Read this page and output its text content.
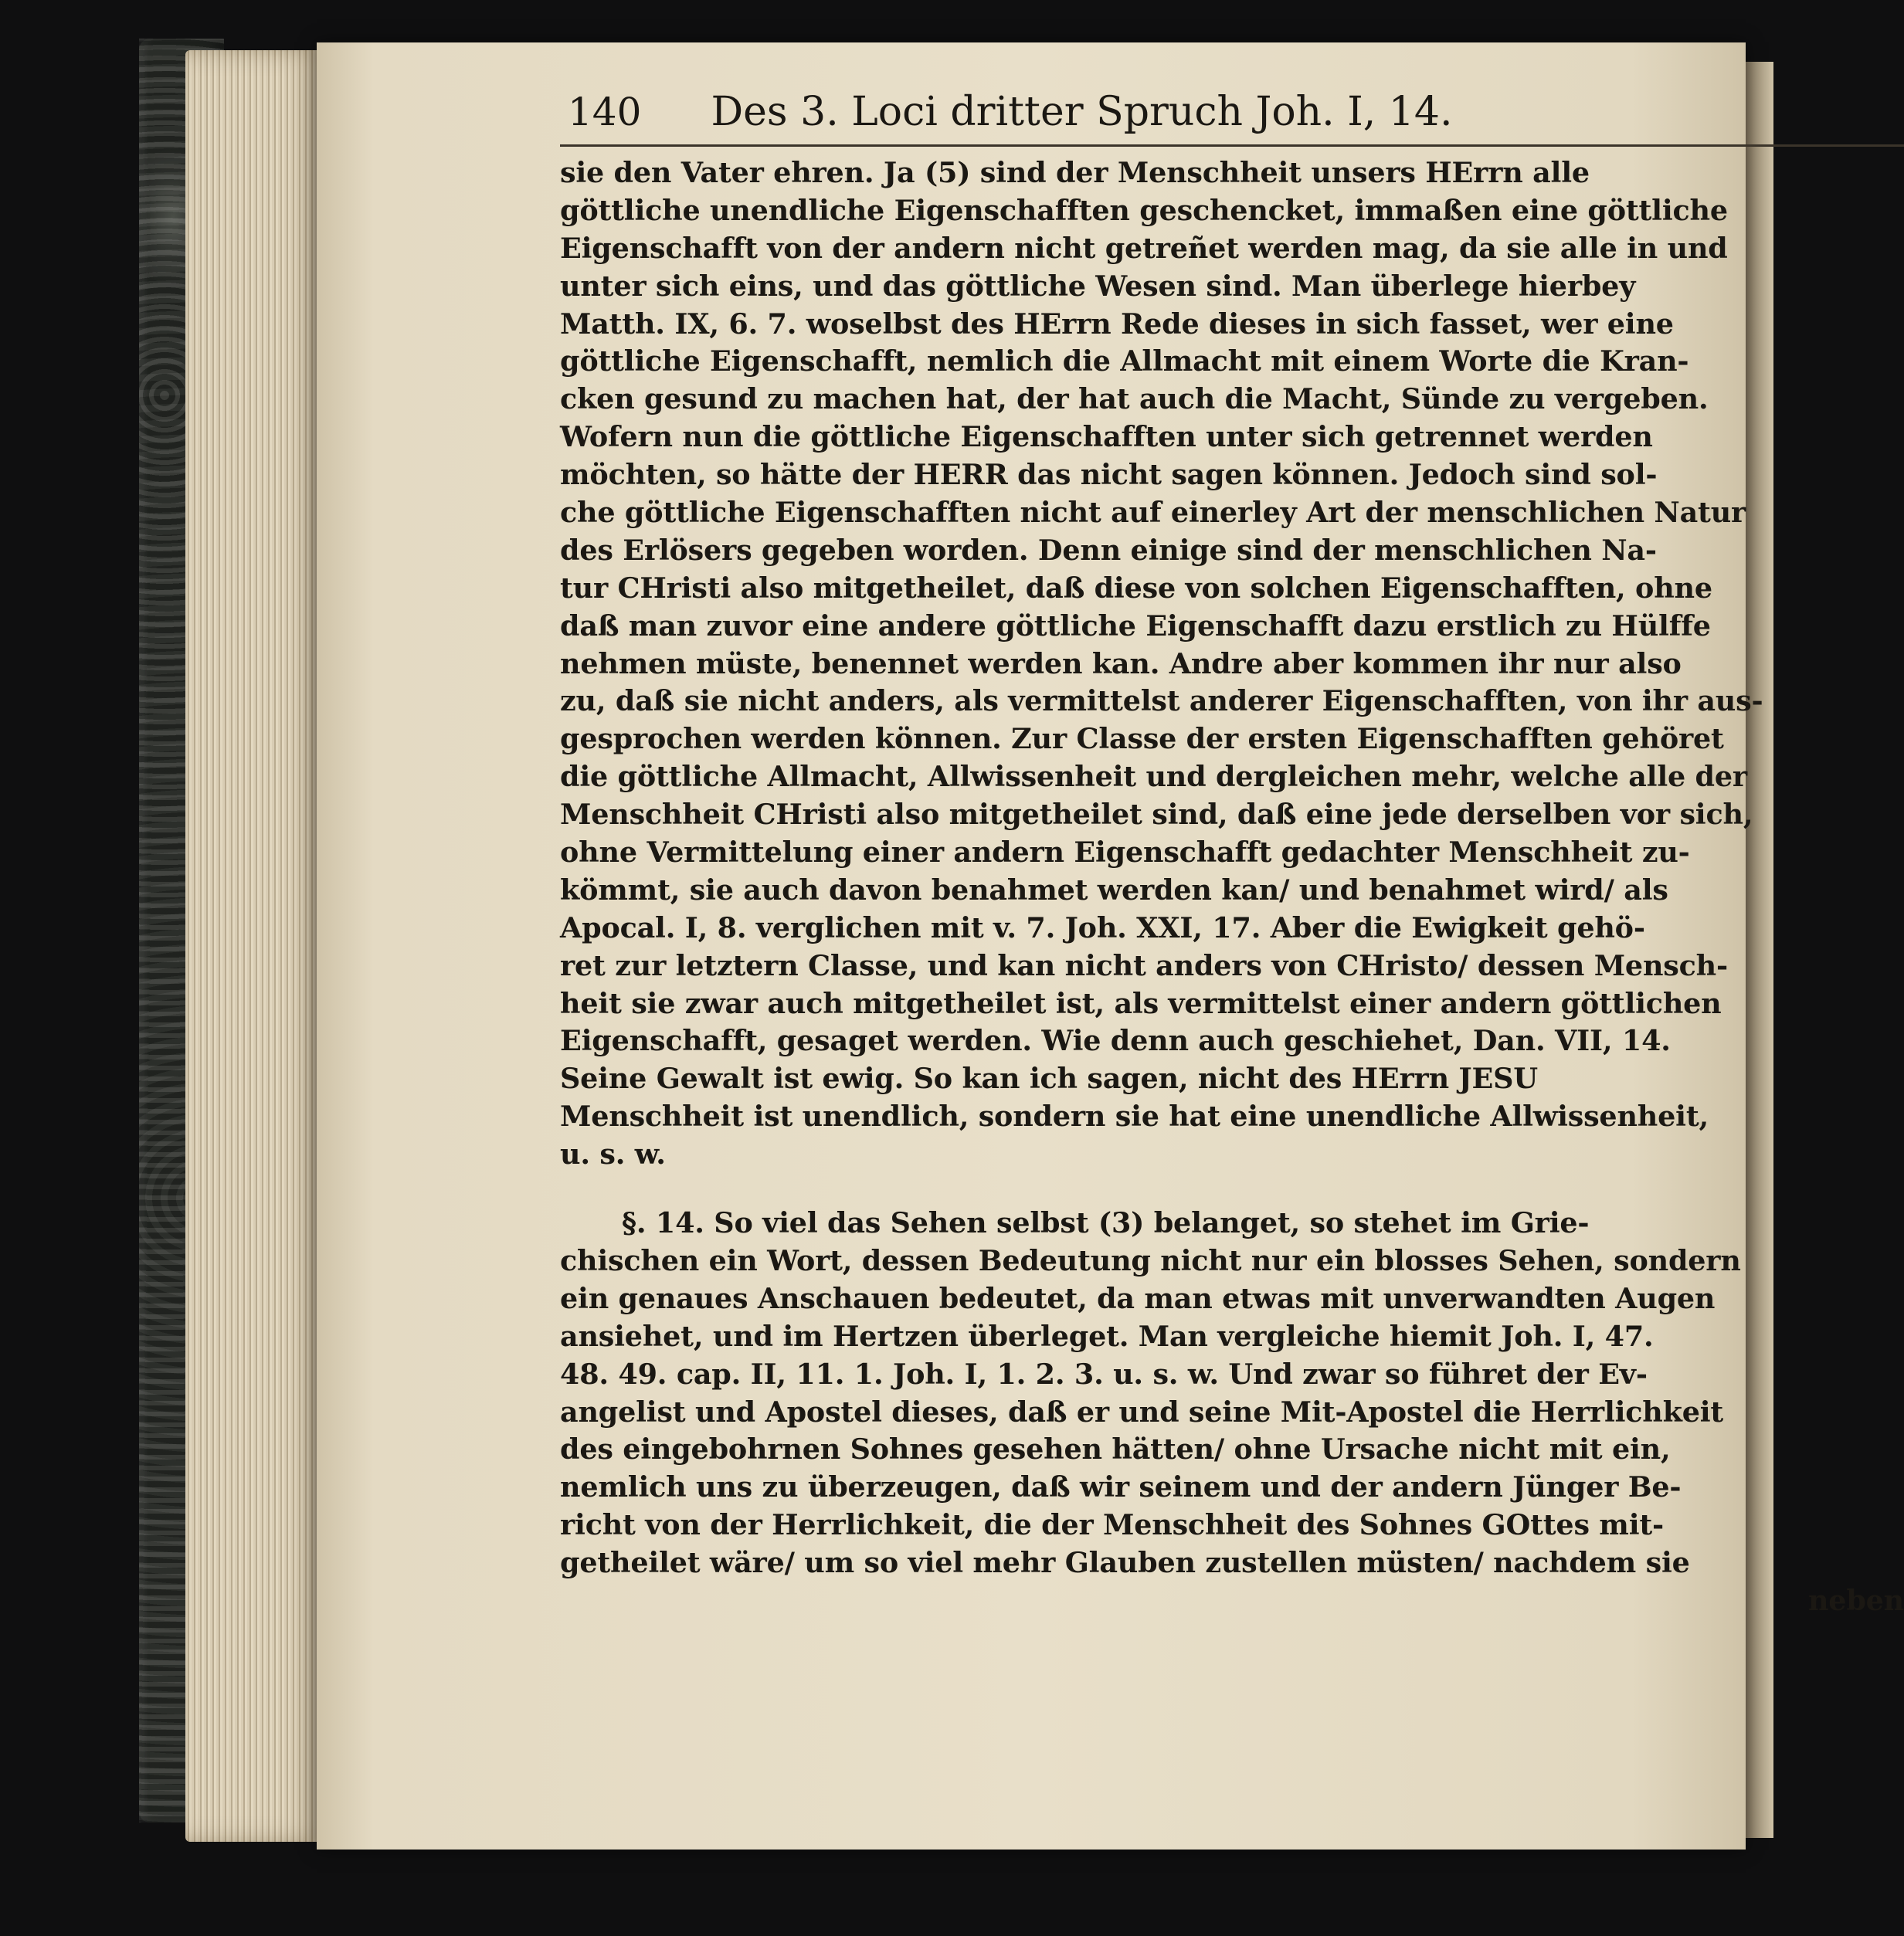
140 Des 3. Loci dritter Spruch Joh. I, 14.
sie den Vater ehren. Ja (5) sind der Menschheit unsers HErrn alle
göttliche unendliche Eigenschafften geschencket, immaßen eine göttliche
Eigenschafft von der andern nicht getreñet werden mag, da sie alle in und
unter sich eins, und das göttliche Wesen sind. Man überlege hierbey
Matth. IX, 6. 7. woselbst des HErrn Rede dieses in sich fasset, wer eine
göttliche Eigenschafft, nemlich die Allmacht mit einem Worte die Kran-
cken gesund zu machen hat, der hat auch die Macht, Sünde zu vergeben.
Wofern nun die göttliche Eigenschafften unter sich getrennet werden
möchten, so hätte der HERR das nicht sagen können. Jedoch sind sol-
che göttliche Eigenschafften nicht auf einerley Art der menschlichen Natur
des Erlösers gegeben worden. Denn einige sind der menschlichen Na-
tur CHristi also mitgetheilet, daß diese von solchen Eigenschafften, ohne
daß man zuvor eine andere göttliche Eigenschafft dazu erstlich zu Hülffe
nehmen müste, benennet werden kan. Andre aber kommen ihr nur also
zu, daß sie nicht anders, als vermittelst anderer Eigenschafften, von ihr aus-
gesprochen werden können. Zur Classe der ersten Eigenschafften gehöret
die göttliche Allmacht, Allwissenheit und dergleichen mehr, welche alle der
Menschheit CHristi also mitgetheilet sind, daß eine jede derselben vor sich,
ohne Vermittelung einer andern Eigenschafft gedachter Menschheit zu-
kömmt, sie auch davon benahmet werden kan/ und benahmet wird/ als
Apocal. I, 8. verglichen mit v. 7. Joh. XXI, 17. Aber die Ewigkeit gehö-
ret zur letztern Classe, und kan nicht anders von CHristo/ dessen Mensch-
heit sie zwar auch mitgetheilet ist, als vermittelst einer andern göttlichen
Eigenschafft, gesaget werden. Wie denn auch geschiehet, Dan. VII, 14.
Seine Gewalt ist ewig. So kan ich sagen, nicht des HErrn JESU
Menschheit ist unendlich, sondern sie hat eine unendliche Allwissenheit,
u. s. w.
§. 14. So viel das Sehen selbst (3) belanget, so stehet im Grie-
chischen ein Wort, dessen Bedeutung nicht nur ein blosses Sehen, sondern
ein genaues Anschauen bedeutet, da man etwas mit unverwandten Augen
ansiehet, und im Hertzen überleget. Man vergleiche hiemit Joh. I, 47.
48. 49. cap. II, 11. 1. Joh. I, 1. 2. 3. u. s. w. Und zwar so führet der Ev-
angelist und Apostel dieses, daß er und seine Mit-Apostel die Herrlichkeit
des eingebohrnen Sohnes gesehen hätten/ ohne Ursache nicht mit ein,
nemlich uns zu überzeugen, daß wir seinem und der andern Jünger Be-
richt von der Herrlichkeit, die der Menschheit des Sohnes GOttes mit-
getheilet wäre/ um so viel mehr Glauben zustellen müsten/ nachdem sie
neben
